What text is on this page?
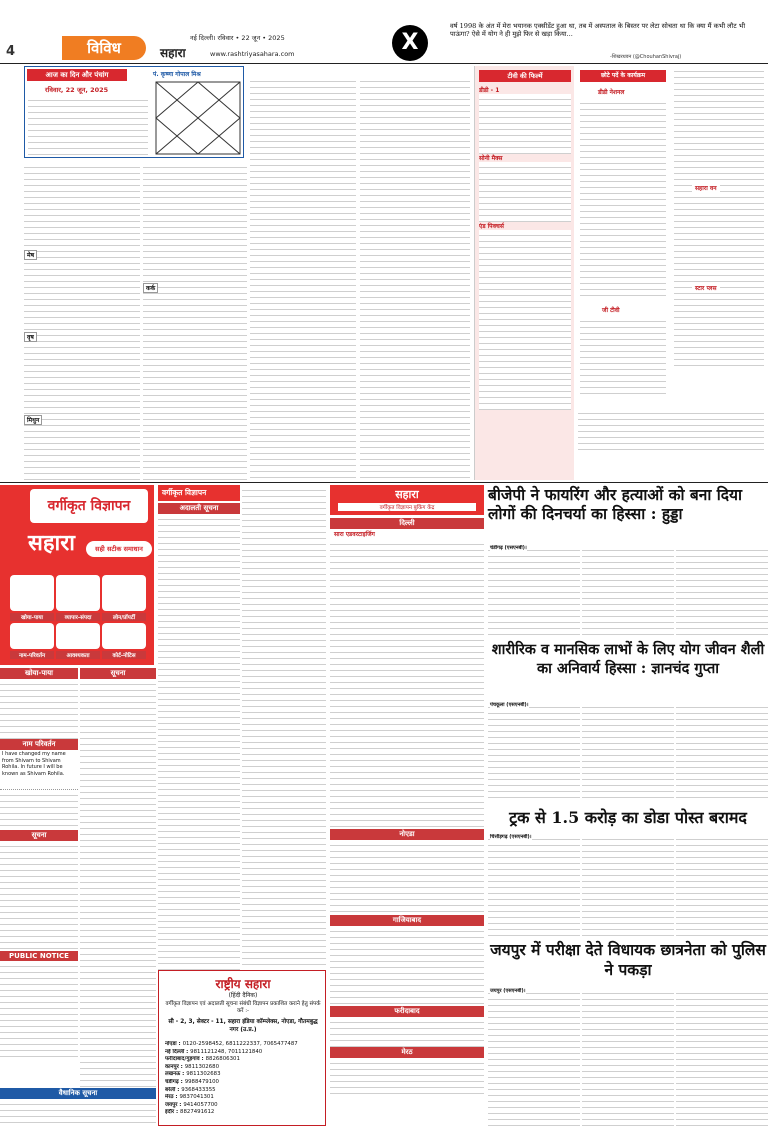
4	विविध
नई दिल्ली। रविवार • 22 जून • 2025
सहारा	www.rashtriyasahara.com	X
वर्ष 1998 के अंत में मेरा भयानक एक्सीडेंट हुआ था, तब में अस्पताल के बिस्तर पर लेटा सोचता था कि क्या मैं कभी लौट भी पाऊंगा? ऐसे में योग ने ही मुझे फिर से खड़ा किया...
-शिखरधवन (@ChouhanShivraj)
आज का दिन और पंचांग
रविवार, 22 जून, 2025
पं. कृष्णा गोपाल मिश्र
मेष
वृष
मिथुन
कर्क
टीवी की फिल्में
डीडी - 1
सोनी मैक्स
एंड पिक्चर्स
छोटे पर्दे के कार्यक्रम
डीडी नेशनल
जी टीवी
सहारा वन
स्टार प्लस
वर्गीकृत विज्ञापन
सहारा	सही सटीक समाधान
खोया-पाया	व्यापार-संपदा	लोन/प्रॉपर्टी
नाम-परिवर्तन	आवश्यकता	कोर्ट-नोटिस
खोया-पाया
नाम परिवर्तन
I have changed my name from Shivam to Shivam Rohila. In future I will be known as Shivam Rohila.
सूचना
PUBLIC NOTICE
सूचना
वैधानिक सूचना
वर्गीकृत विज्ञापन
अदालती सूचना
राष्ट्रीय सहारा
(हिंदी दैनिक)
वर्गीकृत विज्ञापन एवं अदालती सूचना संबंधी विज्ञापन प्रकाशित कराने हेतु संपर्क करें :-
सी - 2, 3, सेक्टर - 11, सहारा इंडिया कॉम्प्लेक्स, नोएडा, गौतमबुद्ध नगर (उ.प्र.)
नोएडा : 0120-2598452, 6811222337, 7065477487
नई दिल्ली : 9811121248, 7011121840
फरीदाबाद/गुड़गांव : 8826806301
कानपुर : 9811302680
लखनऊ : 9811302683
चंडीगढ़ : 9988479100
बरेली : 9368433355
मेरठ : 9837041301
जयपुर : 9414057700
इंदौर : 8827491612
सहारा
वर्गीकृत विज्ञापन बुकिंग केंद्र
दिल्ली
सारा एडवरटाइजिंग
नोएडा
गाजियाबाद
फरीदाबाद
मेरठ
बीजेपी ने फायरिंग और हत्याओं को बना दिया लोगों की दिनचर्या का हिस्सा : हुड्डा
चंडीगढ़ (एसएनबी)।
शारीरिक व मानसिक लाभों के लिए योग जीवन शैली का अनिवार्य हिस्सा : ज्ञानचंद गुप्ता
पंचकूला (एसएनबी)।
ट्रक से 1.5 करोड़ का डोडा पोस्त बरामद
चित्तौड़गढ़ (एसएनबी)।
जयपुर में परीक्षा देते विधायक छात्रनेता को पुलिस ने पकड़ा
जयपुर (एसएनबी)।
